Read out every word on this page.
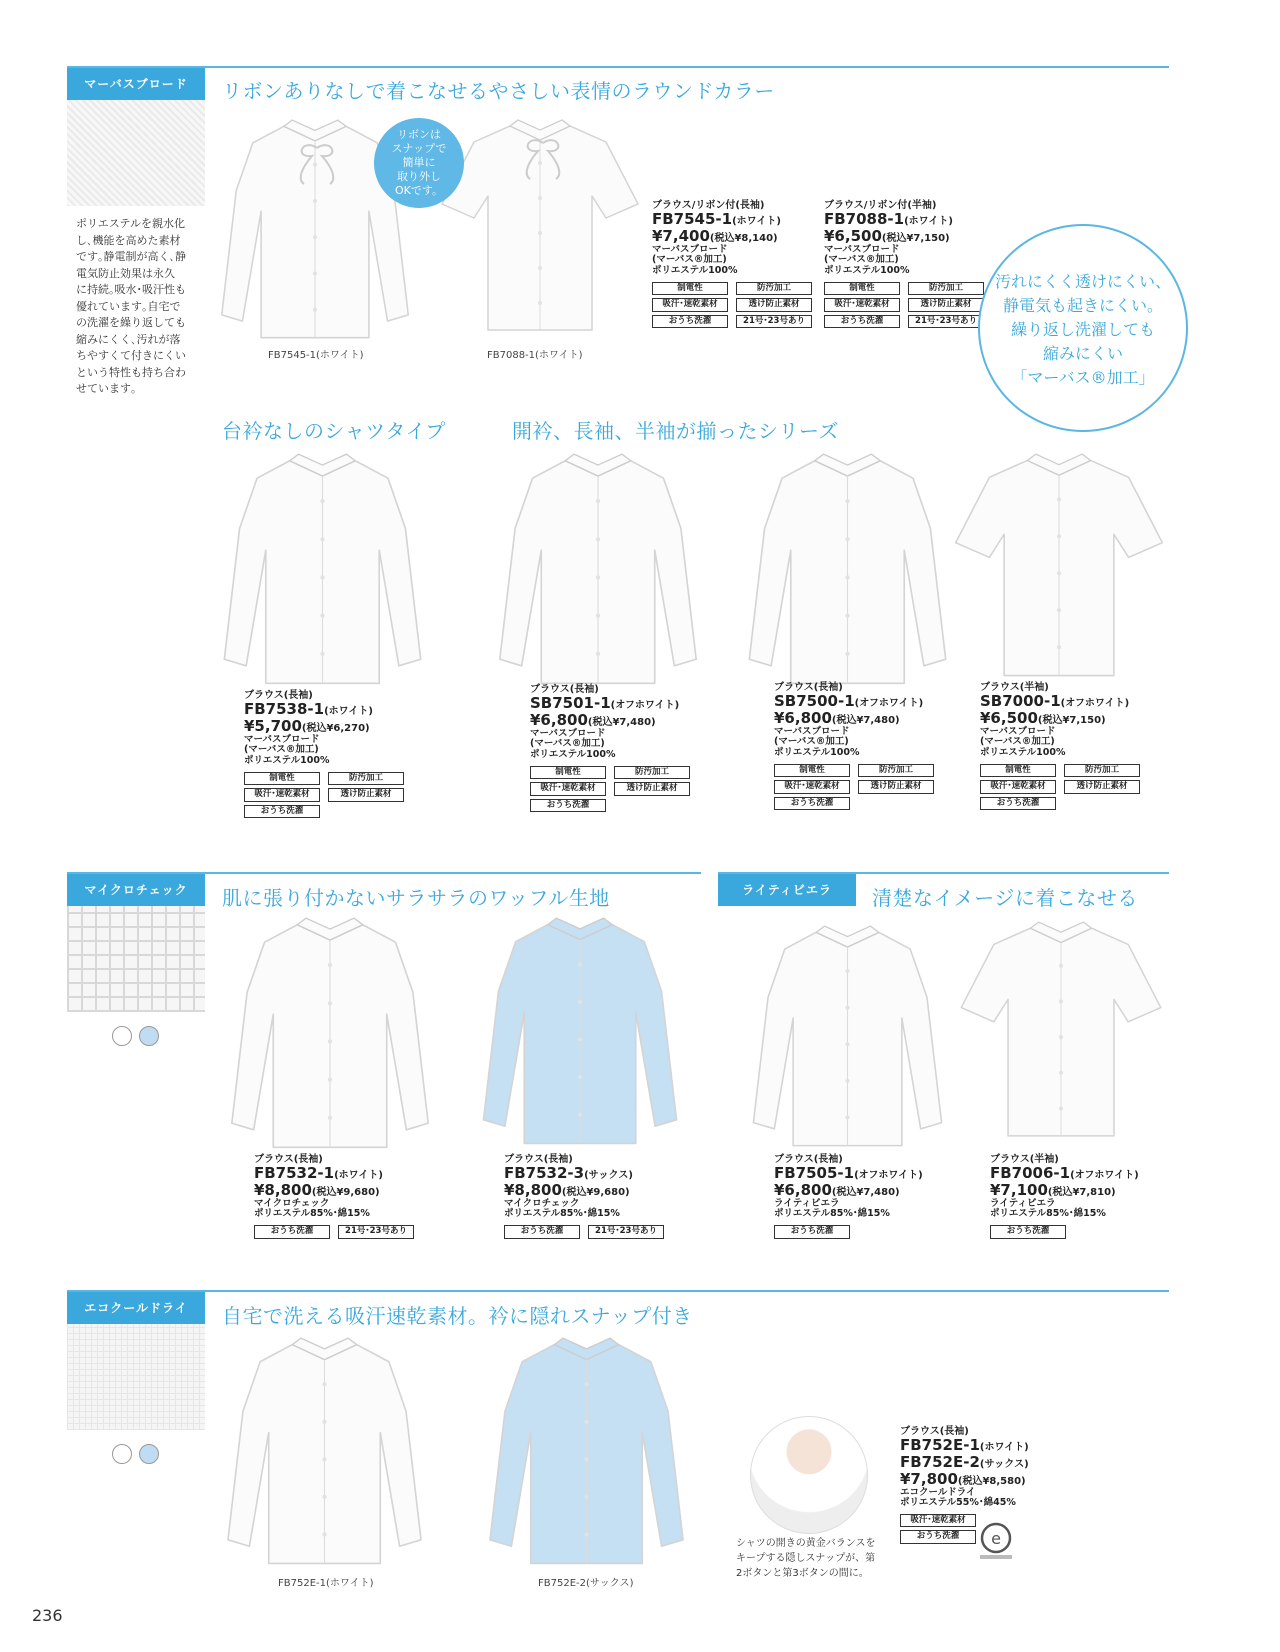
マーバスブロード	リボンありなしで着こなせるやさしい表情のラウンドカラー
ポリエステルを親水化
し､機能を高めた素材
です｡静電制が高く､静
電気防止効果は永久
に持続｡吸水･吸汗性も
優れています｡自宅で
の洗濯を繰り返しても
縮みにくく､汚れが落
ちやすくて付きにくい
という特性も持ち合わ
せています｡
リボンは
スナップで
簡単に
取り外し
OKです。
FB7545-1(ホワイト)	FB7088-1(ホワイト)
ブラウス/リボン付(長袖)
FB7545-1(ホワイト)
¥7,400(税込¥8,140)
マーバスブロード
(マーバス®加工)
ポリエステル100%
制電性	防汚加工
吸汗･速乾素材	透け防止素材
おうち洗濯	21号･23号あり
ブラウス/リボン付(半袖)
FB7088-1(ホワイト)
¥6,500(税込¥7,150)
マーバスブロード
(マーバス®加工)
ポリエステル100%
制電性	防汚加工
吸汗･速乾素材	透け防止素材
おうち洗濯	21号･23号あり
汚れにくく透けにくい、
静電気も起きにくい。
繰り返し洗濯しても
縮みにくい
「マーバス®加工」
台衿なしのシャツタイプ	開衿、長袖、半袖が揃ったシリーズ
ブラウス(長袖)
FB7538-1(ホワイト)
¥5,700(税込¥6,270)
マーバスブロード
(マーバス®加工)
ポリエステル100%
制電性	防汚加工
吸汗･速乾素材	透け防止素材
おうち洗濯
ブラウス(長袖)
SB7501-1(オフホワイト)
¥6,800(税込¥7,480)
マーバスブロード
(マーバス®加工)
ポリエステル100%
制電性	防汚加工
吸汗･速乾素材	透け防止素材
おうち洗濯
ブラウス(長袖)
SB7500-1(オフホワイト)
¥6,800(税込¥7,480)
マーバスブロード
(マーバス®加工)
ポリエステル100%
制電性	防汚加工
吸汗･速乾素材	透け防止素材
おうち洗濯
ブラウス(半袖)
SB7000-1(オフホワイト)
¥6,500(税込¥7,150)
マーバスブロード
(マーバス®加工)
ポリエステル100%
制電性	防汚加工
吸汗･速乾素材	透け防止素材
おうち洗濯
マイクロチェック	肌に張り付かないサラサラのワッフル生地
ブラウス(長袖)
FB7532-1(ホワイト)
¥8,800(税込¥9,680)
マイクロチェック
ポリエステル85%･綿15%
おうち洗濯	21号･23号あり
ブラウス(長袖)
FB7532-3(サックス)
¥8,800(税込¥9,680)
マイクロチェック
ポリエステル85%･綿15%
おうち洗濯	21号･23号あり
ライティビエラ	清楚なイメージに着こなせる
ブラウス(長袖)
FB7505-1(オフホワイト)
¥6,800(税込¥7,480)
ライティビエラ
ポリエステル85%･綿15%
おうち洗濯
ブラウス(半袖)
FB7006-1(オフホワイト)
¥7,100(税込¥7,810)
ライティビエラ
ポリエステル85%･綿15%
おうち洗濯
エコクールドライ	自宅で洗える吸汗速乾素材。衿に隠れスナップ付き
FB752E-1(ホワイト)	FB752E-2(サックス)
シャツの開きの黄金バランスを
キープする隠しスナップが、第
2ボタンと第3ボタンの間に。
ブラウス(長袖)
FB752E-1(ホワイト)
FB752E-2(サックス)
¥7,800(税込¥8,580)
エコクールドライ
ポリエステル55%･綿45%
吸汗･速乾素材
おうち洗濯	e
236
